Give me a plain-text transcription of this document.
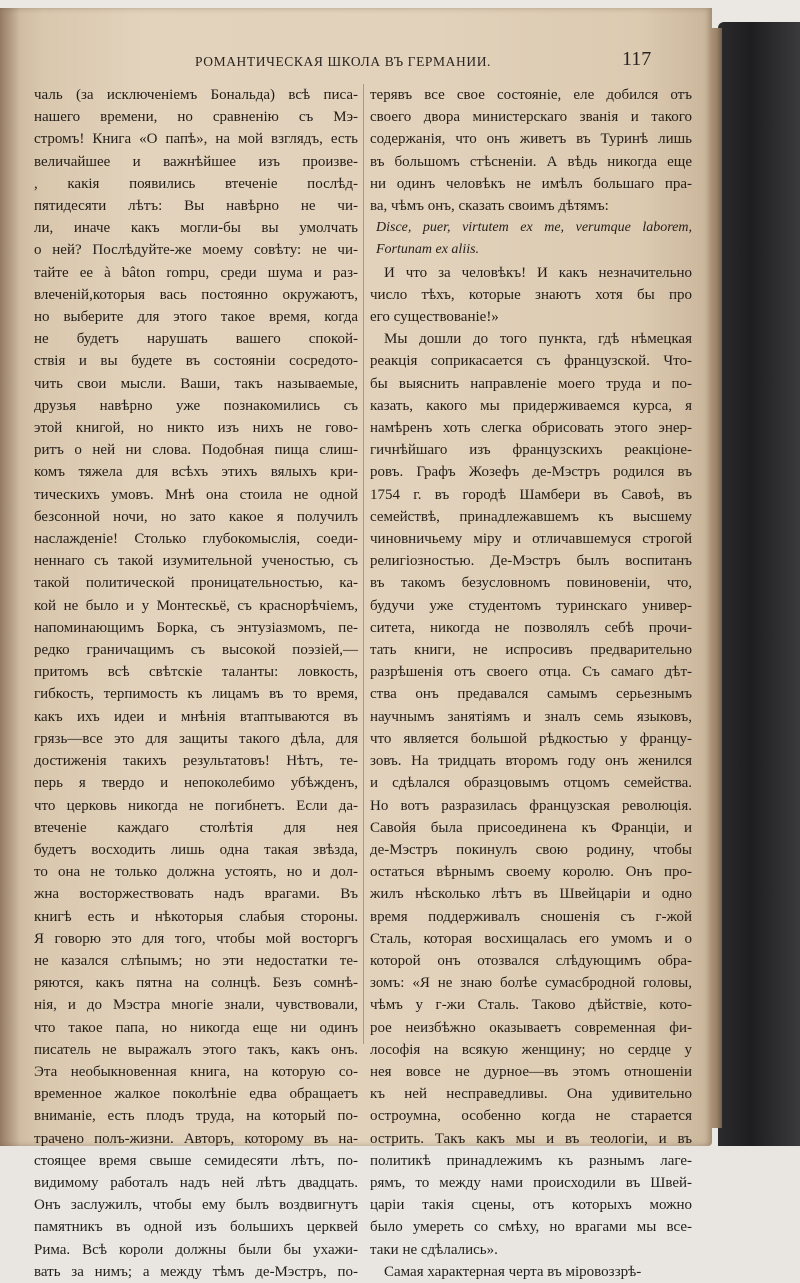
РОМАНТИЧЕСКАЯ ШКОЛА ВЪ ГЕРМАНИИ.	117
чаль (за исключеніемъ Бональда) всѣ писа-
нашего времени, но сравненію съ Мэ-
стромъ! Книга «О папѣ», на мой взглядъ, есть
величайшее и важнѣйшее изъ произве-
, какія появились втеченіе послѣд-
пятидесяти лѣтъ: Вы навѣрно не чи-
ли, иначе какъ могли-бы вы умолчать
о ней? Послѣдуйте-же моему совѣту: не чи-
тайте ее à bâton rompu, среди шума и раз-
влеченій,которыя вась постоянно окружаютъ,
но выберите для этого такое время, когда
не будетъ нарушать вашего спокой-
ствія и вы будете въ состояніи сосредото-
чить свои мысли. Ваши, такъ называемые,
друзья навѣрно уже познакомились съ
этой книгой, но никто изъ нихъ не гово-
ритъ о ней ни слова. Подобная пища слиш-
комъ тяжела для всѣхъ этихъ вялыхъ кри-
тическихъ умовъ. Мнѣ она стоила не одной
безсонной ночи, но зато какое я получилъ
наслажденіе! Столько глубокомыслія, соеди-
неннаго съ такой изумительной ученостью, съ
такой политической проницательностью, ка-
кой не было и у Монтескьё, съ краснорѣчіемъ,
напоминающимъ Борка, съ энтузіазмомъ, пе-
редко граничащимъ съ высокой поэзіей,—
притомъ всѣ свѣтскіе таланты: ловкость,
гибкость, терпимость къ лицамъ въ то время,
какъ ихъ идеи и мнѣнія втаптываются въ
грязь—все это для защиты такого дѣла, для
достиженія такихъ результатовъ! Нѣтъ, те-
перь я твердо и непоколебимо убѣжденъ,
что церковь никогда не погибнетъ. Если да-
втеченіе каждаго столѣтія для нея
будетъ восходить лишь одна такая звѣзда,
то она не только должна устоять, но и дол-
жна восторжествовать надъ врагами. Въ
книгѣ есть и нѣкоторыя слабыя стороны.
Я говорю это для того, чтобы мой восторгъ
не казался слѣпымъ; но эти недостатки те-
ряются, какъ пятна на солнцѣ. Безъ сомнѣ-
нія, и до Мэстра многіе знали, чувствовали,
что такое папа, но никогда еще ни одинъ
писатель не выражалъ этого такъ, какъ онъ.
Эта необыкновенная книга, на которую со-
временное жалкое поколѣніе едва обращаетъ
вниманіе, есть плодъ труда, на который по-
трачено полъ-жизни. Авторъ, которому въ на-
стоящее время свыше семидесяти лѣтъ, по-
видимому работалъ надъ ней лѣтъ двадцать.
Онъ заслужилъ, чтобы ему былъ воздвигнутъ
памятникъ въ одной изъ большихъ церквей
Рима. Всѣ короли должны были бы ухажи-
вать за нимъ; а между тѣмъ де-Мэстръ, по-
терявъ все свое состояніе, еле добился отъ
своего двора министерскаго званія и такого
содержанія, что онъ живетъ въ Туринѣ лишь
въ большомъ стѣсненіи. А вѣдь никогда еще
ни одинъ человѣкъ не имѣлъ большаго пра-
ва, чѣмъ онъ, сказать своимъ дѣтямъ:
Disce, puer, virtutem ex me, verumque laborem,
Fortunam ex aliis.
И что за человѣкъ! И какъ незначительно
число тѣхъ, которые знаютъ хотя бы про
его существованіе!»
Мы дошли до того пункта, гдѣ нѣмецкая
реакція соприкасается съ французской. Что-
бы выяснить направленіе моего труда и по-
казать, какого мы придерживаемся курса, я
намѣренъ хоть слегка обрисовать этого энер-
гичнѣйшаго изъ французскихъ реакціоне-
ровъ. Графъ Жозефъ де-Мэстръ родился въ
1754 г. въ городѣ Шамбери въ Савоѣ, въ
семействѣ, принадлежавшемъ къ высшему
чиновничьему міру и отличавшемуся строгой
религіозностью. Де-Мэстръ былъ воспитанъ
въ такомъ безусловномъ повиновеніи, что,
будучи уже студентомъ туринскаго универ-
ситета, никогда не позволялъ себѣ прочи-
тать книги, не испросивъ предварительно
разрѣшенія отъ своего отца. Съ самаго дѣт-
ства онъ предавался самымъ серьезнымъ
научнымъ занятіямъ и зналъ семь языковъ,
что является большой рѣдкостью у францу-
зовъ. На тридцать второмъ году онъ женился
и сдѣлался образцовымъ отцомъ семейства.
Но вотъ разразилась французская революція.
Савойя была присоединена къ Франціи, и
де-Мэстръ покинулъ свою родину, чтобы
остаться вѣрнымъ своему королю. Онъ про-
жилъ нѣсколько лѣтъ въ Швейцаріи и одно
время поддерживалъ сношенія съ г-жой
Сталь, которая восхищалась его умомъ и о
которой онъ отозвался слѣдующимъ обра-
зомъ: «Я не знаю болѣе сумасбродной головы,
чѣмъ у г-жи Сталь. Таково дѣйствіе, кото-
рое неизбѣжно оказываетъ современная фи-
лософія на всякую женщину; но сердце у
нея вовсе не дурное—въ этомъ отношеніи
къ ней несправедливы. Она удивительно
остроумна, особенно когда не старается
острить. Такъ какъ мы и въ теологіи, и въ
политикѣ принадлежимъ къ разнымъ лаге-
рямъ, то между нами происходили въ Швей-
царіи такія сцены, отъ которыхъ можно
было умереть со смѣху, но врагами мы все-
таки не сдѣлались».
Самая характерная черта въ міровоззрѣ-
